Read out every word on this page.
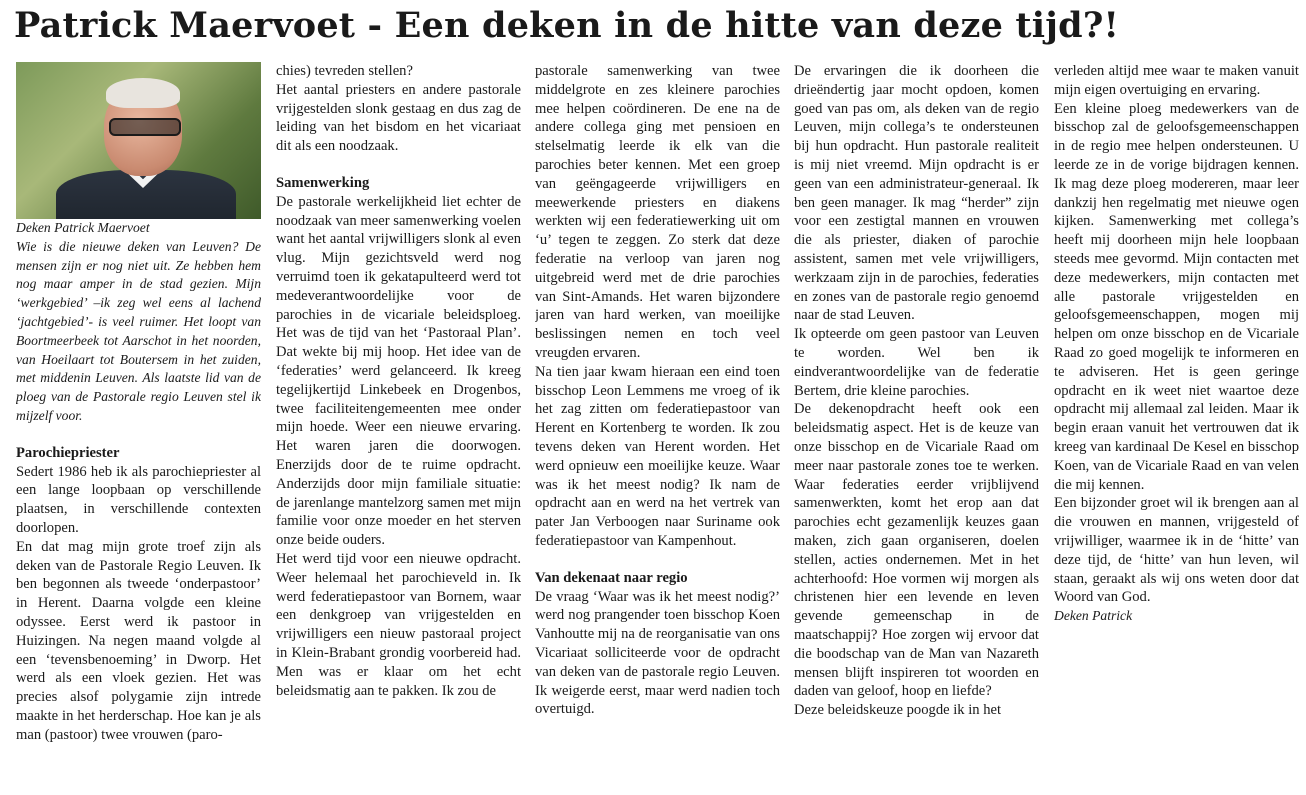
Patrick Maervoet - Een deken in de hitte van deze tijd?!

Deken Patrick Maervoet

Wie is die nieuwe deken van Leuven? De mensen zijn er nog niet uit. Ze hebben hem nog maar amper in de stad gezien. Mijn ‘werkgebied’ –ik zeg wel eens al lachend ‘jachtgebied’- is veel ruimer. Het loopt van Boortmeerbeek tot Aarschot in het noorden, van Hoeilaart tot Boutersem in het zuiden, met middenin Leuven. Als laatste lid van de ploeg van de Pastorale regio Leuven stel ik mijzelf voor.

Parochiepriester

Sedert 1986 heb ik als parochiepriester al een lange loopbaan op verschillende plaatsen, in verschillende contexten doorlopen.

En dat mag mijn grote troef zijn als deken van de Pastorale Regio Leuven. Ik ben begonnen als tweede ‘onderpastoor’ in Herent. Daarna volgde een kleine odyssee. Eerst werd ik pastoor in Huizingen. Na negen maand volgde al een ‘tevensbenoeming’ in Dworp. Het werd als een vloek gezien. Het was precies alsof polygamie zijn intrede maakte in het herderschap. Hoe kan je als man (pastoor) twee vrouwen (paro-

chies) tevreden stellen?

Het aantal priesters en andere pastorale vrijgestelden slonk gestaag en dus zag de leiding van het bisdom en het vicariaat dit als een noodzaak.

Samenwerking

De pastorale werkelijkheid liet echter de noodzaak van meer samenwerking voelen want het aantal vrijwilligers slonk al even vlug. Mijn gezichtsveld werd nog verruimd toen ik gekatapulteerd werd tot medeverantwoordelijke voor de parochies in de vicariale beleidsploeg. Het was de tijd van het ‘Pastoraal Plan’. Dat wekte bij mij hoop. Het idee van de ‘federaties’ werd gelanceerd. Ik kreeg tegelijkertijd Linkebeek en Drogenbos, twee faciliteitengemeenten mee onder mijn hoede. Weer een nieuwe ervaring. Het waren jaren die doorwogen. Enerzijds door de te ruime opdracht. Anderzijds door mijn familiale situatie: de jarenlange mantelzorg samen met mijn familie voor onze moeder en het sterven onze beide ouders.

Het werd tijd voor een nieuwe opdracht. Weer helemaal het parochieveld in. Ik werd federatiepastoor van Bornem, waar een denkgroep van vrijgestelden en vrijwilligers een nieuw pastoraal project in Klein-Brabant grondig voorbereid had. Men was er klaar om het echt beleidsmatig aan te pakken. Ik zou de

pastorale samenwerking van twee middelgrote en zes kleinere parochies mee helpen coördineren. De ene na de andere collega ging met pensioen en stelselmatig leerde ik elk van die parochies beter kennen. Met een groep van geëngageerde vrijwilligers en meewerkende priesters en diakens werkten wij een federatiewerking uit om ‘u’ tegen te zeggen. Zo sterk dat deze federatie na verloop van jaren nog uitgebreid werd met de drie parochies van Sint-Amands. Het waren bijzondere jaren van hard werken, van moeilijke beslissingen nemen en toch veel vreugden ervaren.

Na tien jaar kwam hieraan een eind toen bisschop Leon Lemmens me vroeg of ik het zag zitten om federatiepastoor van Herent en Kortenberg te worden. Ik zou tevens deken van Herent worden. Het werd opnieuw een moeilijke keuze. Waar was ik het meest nodig? Ik nam de opdracht aan en werd na het vertrek van pater Jan Verboogen naar Suriname ook federatiepastoor van Kampenhout.

Van dekenaat naar regio

De vraag ‘Waar was ik het meest nodig?’ werd nog prangender toen bisschop Koen Vanhoutte mij na de reorganisatie van ons Vicariaat solliciteerde voor de opdracht van deken van de pastorale regio Leuven. Ik weigerde eerst, maar werd nadien toch overtuigd.

De ervaringen die ik doorheen die drieëndertig jaar mocht opdoen, komen goed van pas om, als deken van de regio Leuven, mijn collega’s te ondersteunen bij hun opdracht. Hun pastorale realiteit is mij niet vreemd. Mijn opdracht is er geen van een administrateur-generaal. Ik ben geen manager. Ik mag “herder” zijn voor een zestigtal mannen en vrouwen die als priester, diaken of parochie assistent, samen met vele vrijwilligers, werkzaam zijn in de parochies, federaties en zones van de pastorale regio genoemd naar de stad Leuven.

Ik opteerde om geen pastoor van Leuven te worden. Wel ben ik eindverantwoordelijke van de federatie Bertem, drie kleine parochies.

De dekenopdracht heeft ook een beleidsmatig aspect. Het is de keuze van onze bisschop en de Vicariale Raad om meer naar pastorale zones toe te werken. Waar federaties eerder vrijblijvend samenwerkten, komt het erop aan dat parochies echt gezamenlijk keuzes gaan maken, zich gaan organiseren, doelen stellen, acties ondernemen. Met in het achterhoofd: Hoe vormen wij morgen als christenen hier een levende en leven gevende gemeenschap in de maatschappij? Hoe zorgen wij ervoor dat die boodschap van de Man van Nazareth mensen blijft inspireren tot woorden en daden van geloof, hoop en liefde?

Deze beleidskeuze poogde ik in het

verleden altijd mee waar te maken vanuit mijn eigen overtuiging en ervaring.

Een kleine ploeg medewerkers van de bisschop zal de geloofsgemeenschappen in de regio mee helpen ondersteunen. U leerde ze in de vorige bijdragen kennen. Ik mag deze ploeg modereren, maar leer dankzij hen regelmatig met nieuwe ogen kijken. Samenwerking met collega’s heeft mij doorheen mijn hele loopbaan steeds mee gevormd. Mijn contacten met deze medewerkers, mijn contacten met alle pastorale vrijgestelden en geloofsgemeenschappen, mogen mij helpen om onze bisschop en de Vicariale Raad zo goed mogelijk te informeren en te adviseren. Het is geen geringe opdracht en ik weet niet waartoe deze opdracht mij allemaal zal leiden. Maar ik begin eraan vanuit het vertrouwen dat ik kreeg van kardinaal De Kesel en bisschop Koen, van de Vicariale Raad en van velen die mij kennen.

Een bijzonder groet wil ik brengen aan al die vrouwen en mannen, vrijgesteld of vrijwilliger, waarmee ik in de ‘hitte’ van deze tijd, de ‘hitte’ van hun leven, wil staan, geraakt als wij ons weten door dat Woord van God.

Deken Patrick
